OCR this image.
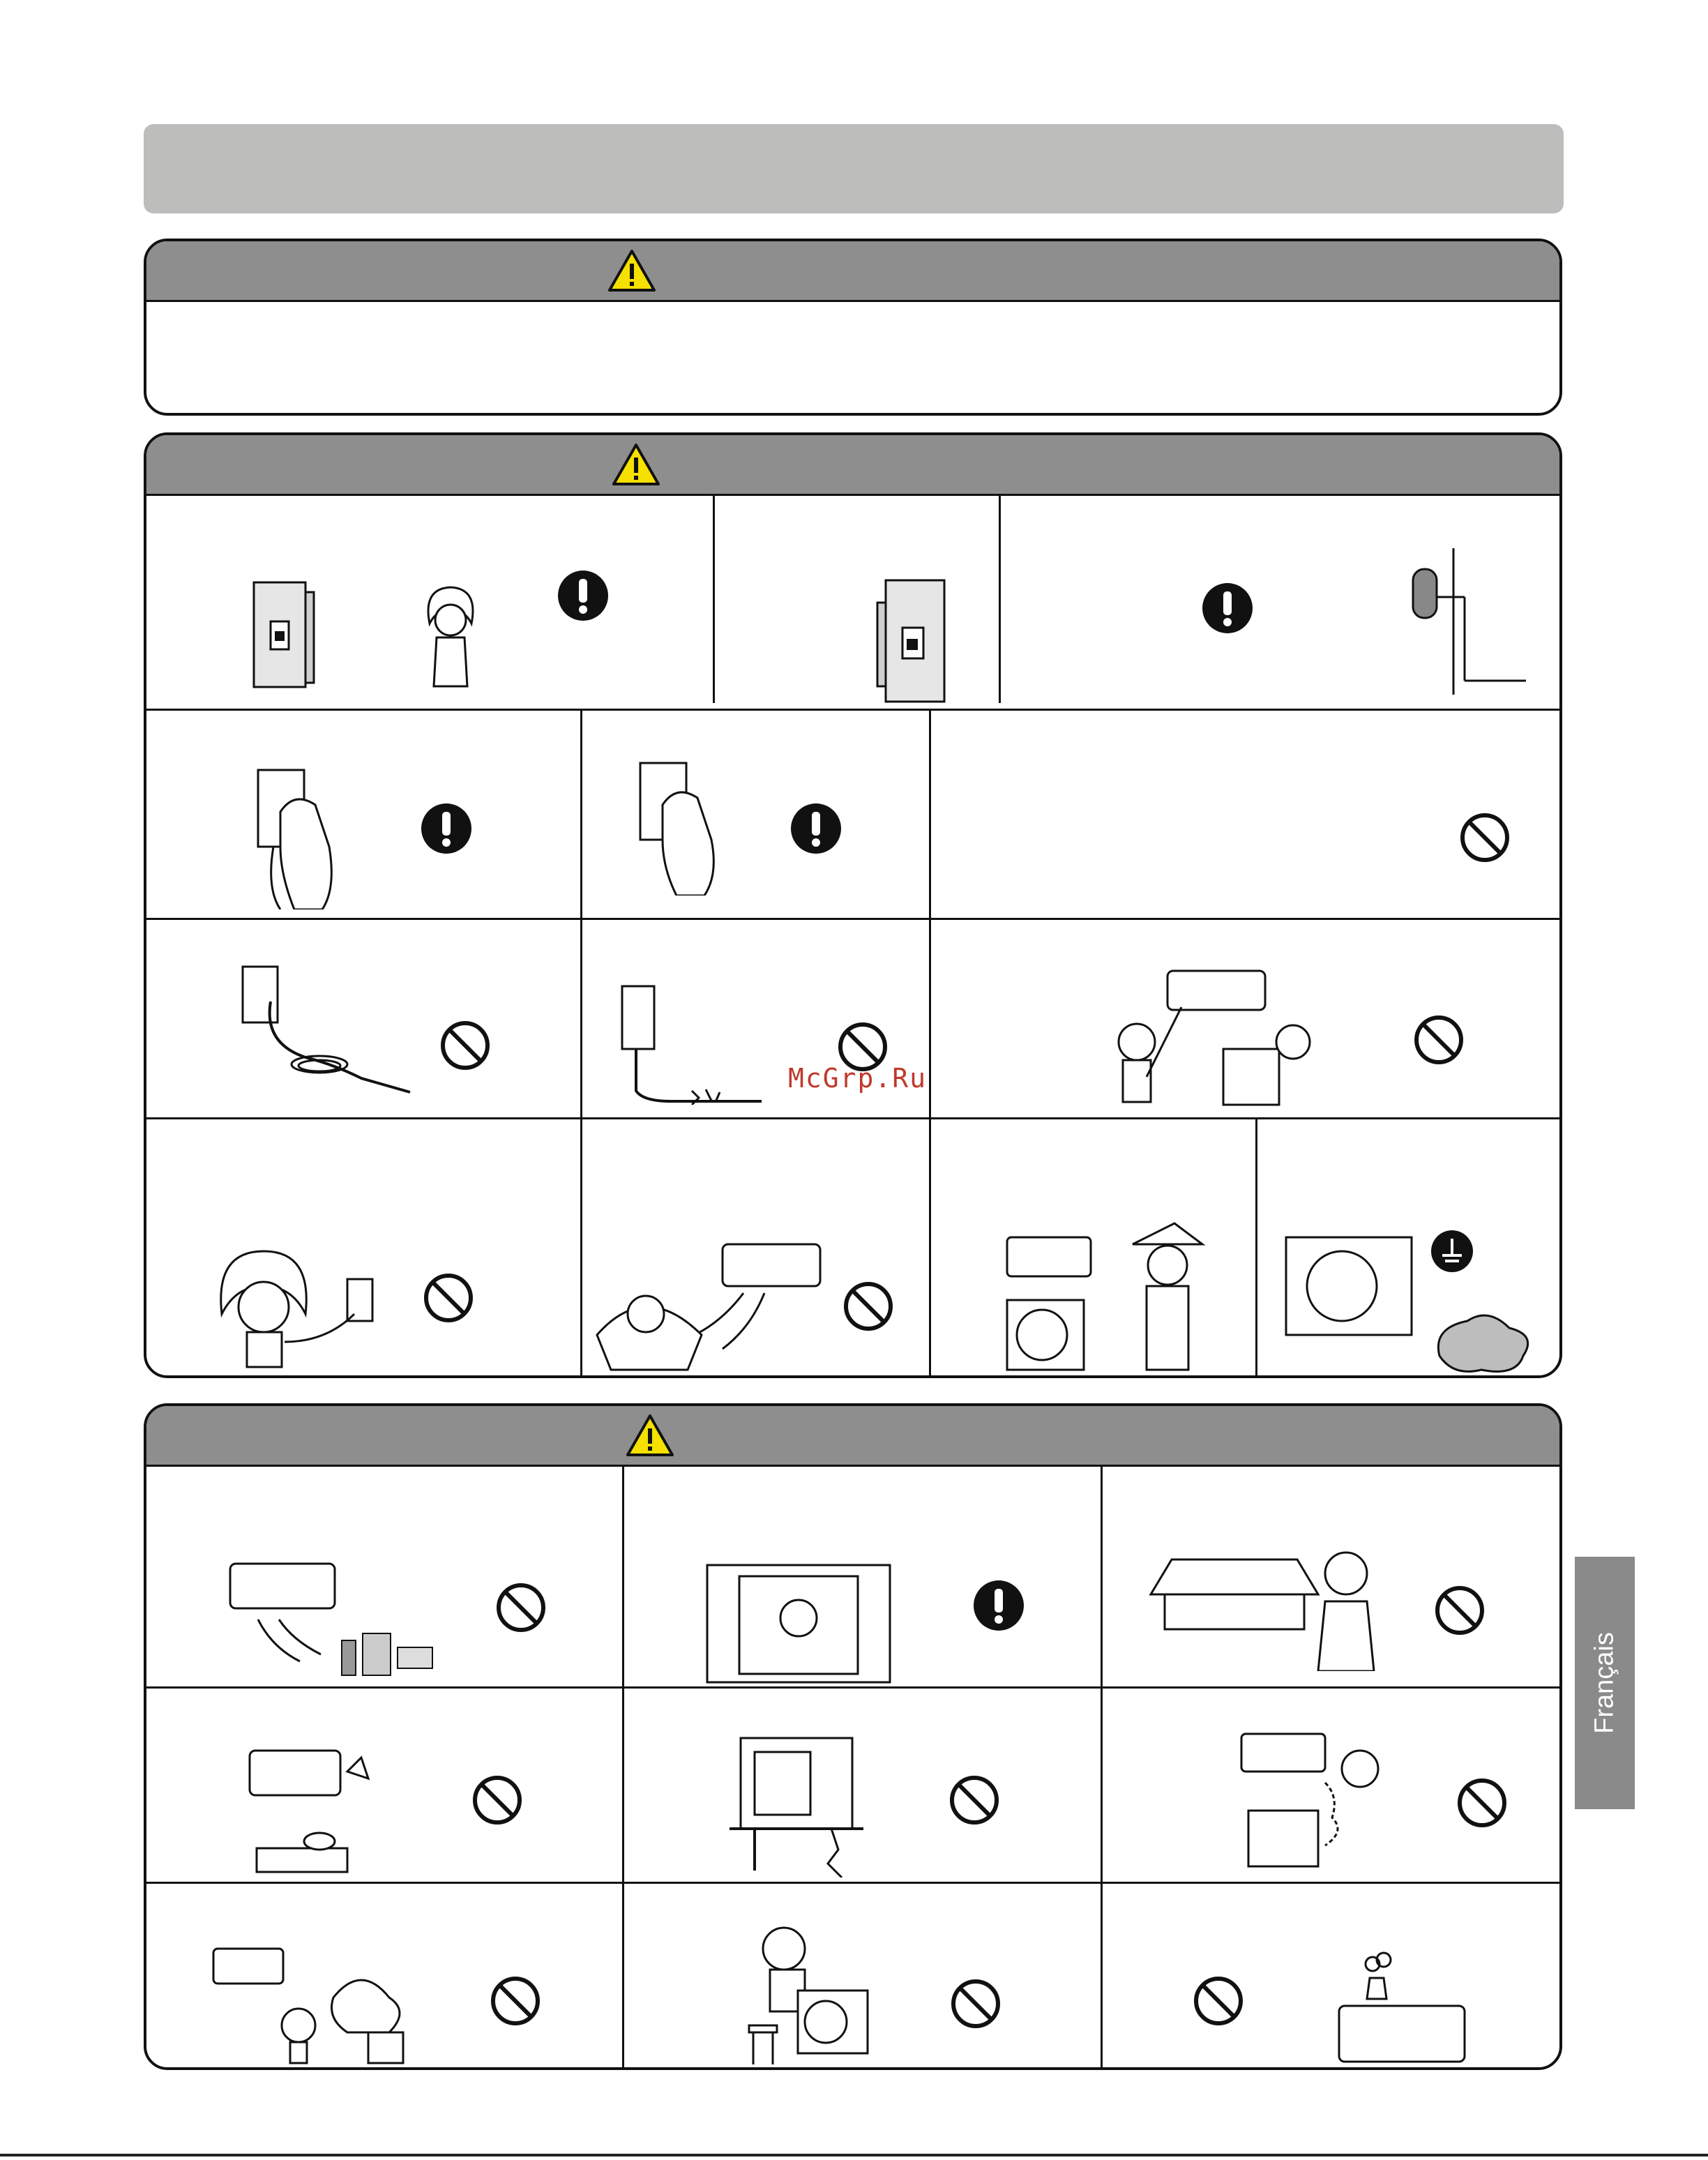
McGrp.Ru
Français
